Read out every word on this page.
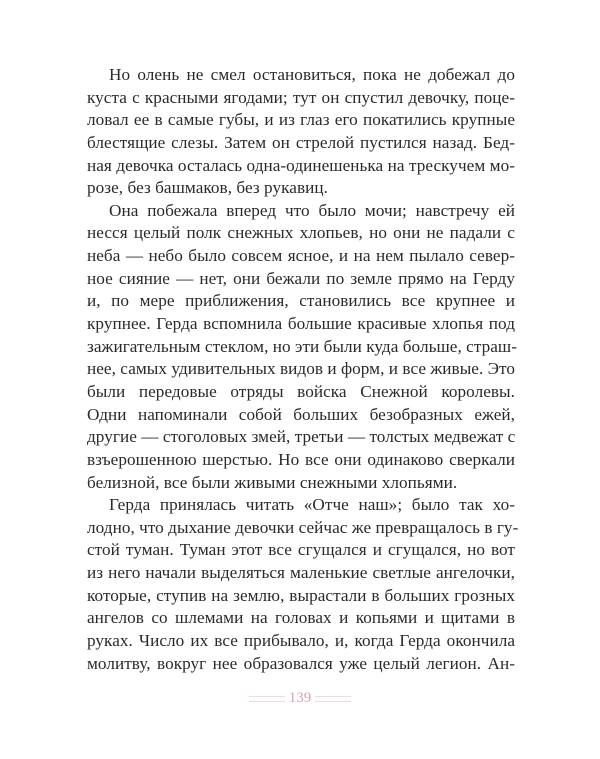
Но олень не смел остановиться, пока не добежал до
куста с красными ягодами; тут он спустил девочку, поце-
ловал ее в самые губы, и из глаз его покатились крупные
блестящие слезы. Затем он стрелой пустился назад. Бед-
ная девочка осталась одна-одинешенька на трескучем мо-
розе, без башмаков, без рукавиц.
Она побежала вперед что было мочи; навстречу ей
несся целый полк снежных хлопьев, но они не падали с
неба — небо было совсем ясное, и на нем пылало север-
ное сияние — нет, они бежали по земле прямо на Герду
и, по мере приближения, становились все крупнее и
крупнее. Герда вспомнила большие красивые хлопья под
зажигательным стеклом, но эти были куда больше, страш-
нее, самых удивительных видов и форм, и все живые. Это
были передовые отряды войска Снежной королевы.
Одни напоминали собой больших безобразных ежей,
другие — стоголовых змей, третьи — толстых медвежат с
взъерошенною шерстью. Но все они одинаково сверкали
белизной, все были живыми снежными хлопьями.
Герда принялась читать «Отче наш»; было так хо-
лодно, что дыхание девочки сейчас же превращалось в гу-
стой туман. Туман этот все сгущался и сгущался, но вот
из него начали выделяться маленькие светлые ангелочки,
которые, ступив на землю, вырастали в больших грозных
ангелов со шлемами на головах и копьями и щитами в
руках. Число их все прибывало, и, когда Герда окончила
молитву, вокруг нее образовался уже целый легион. Ан-
139
